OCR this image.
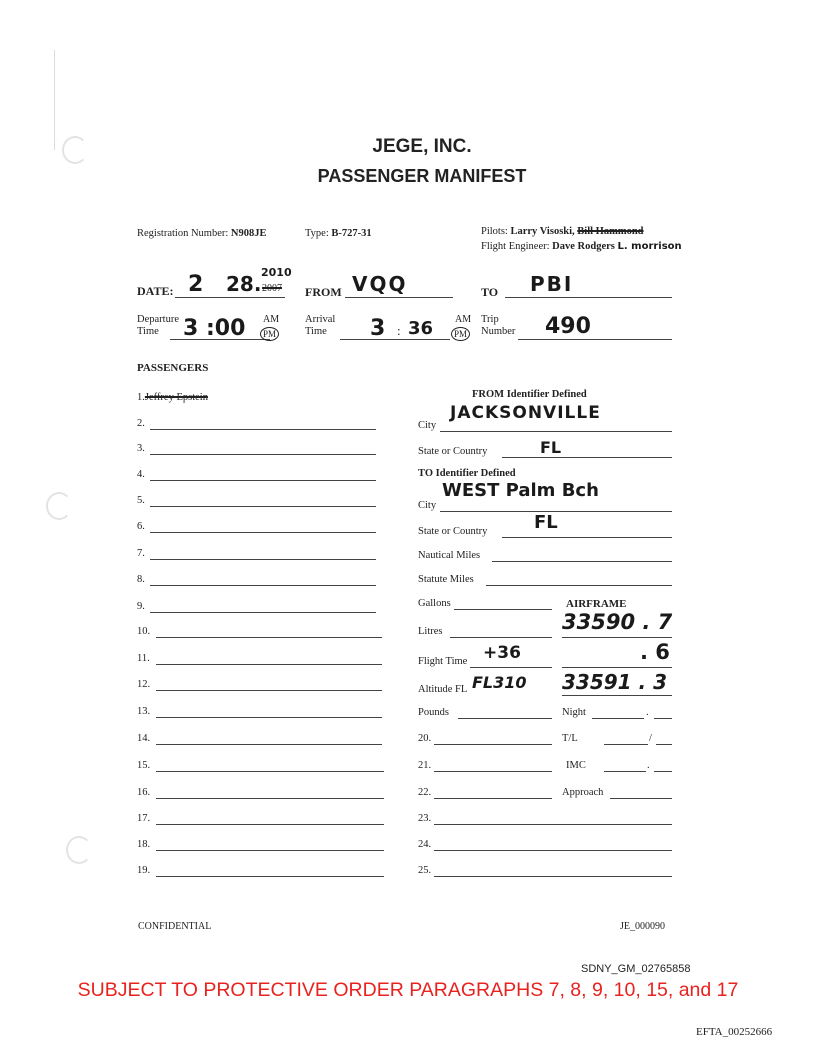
JEGE, INC.
PASSENGER MANIFEST
Registration Number: N908JE	Type: B-727-31	Pilots: Larry Visoski, Bill Hammond
Flight Engineer: Dave Rodgers L. morrison
DATE: 2 28. 2010
2007 FROM VQQ	TO PBI
Departure
Time	3 :00 AM
PM
Arrival
Time	3 : 36 AM
PM
Trip
Number 490
PASSENGERS
1.Jeffrey Epstein
2.
3.
4.
5.
6.
7.
8.
9.
10.
11.
12.
13.
14.
15.
16.
17.
18.
19.
FROM Identifier Defined
City
JACKSONVILLE
State or Country	FL
TO Identifier Defined
City
WEST Palm Bch
State or Country	FL
Nautical Miles
Statute Miles
Gallons	AIRFRAME
Litres	33590 . 7
Flight Time +36	. 6
Altitude FL FL310 33591 . 3
Pounds	Night	.
20.	T/L	/
21.	IMC	.
22.	Approach
23.
24.
25.
CONFIDENTIAL	JE_000090
SDNY_GM_02765858
SUBJECT TO PROTECTIVE ORDER PARAGRAPHS 7, 8, 9, 10, 15, and 17
EFTA_00252666
